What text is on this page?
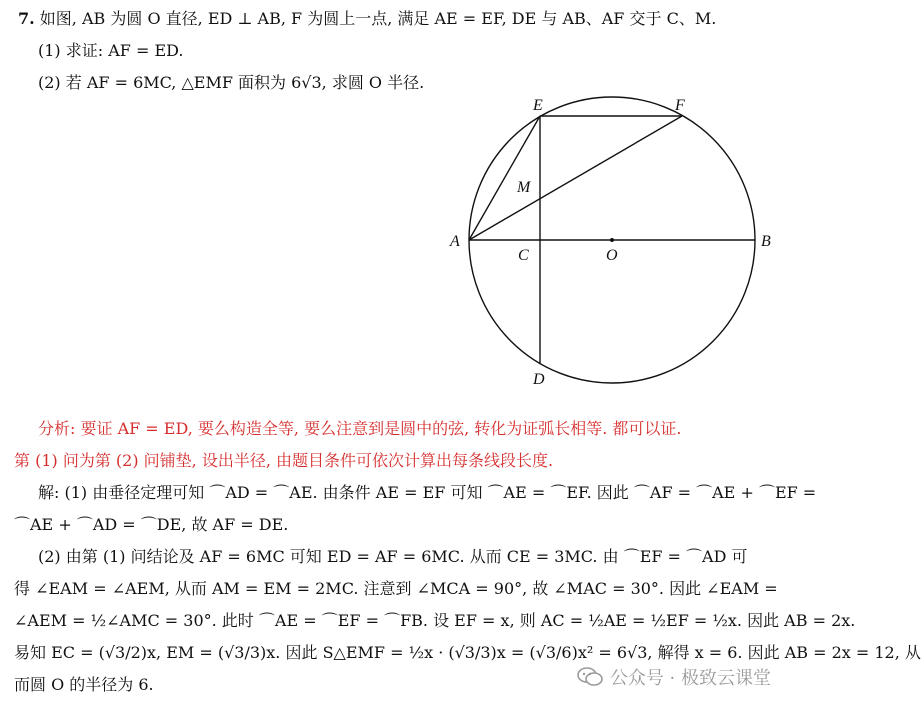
7. 如图, AB 为圆 O 直径, ED ⊥ AB, F 为圆上一点, 满足 AE = EF, DE 与 AB、AF 交于 C、M.
(1) 求证: AF = ED.
(2) 若 AF = 6MC, △EMF 面积为 6√3, 求圆 O 半径.
E	F
M
A	B
C	O
D
分析: 要证 AF = ED, 要么构造全等, 要么注意到是圆中的弦, 转化为证弧长相等. 都可以证.
第 (1) 问为第 (2) 问铺垫, 设出半径, 由题目条件可依次计算出每条线段长度.
解: (1) 由垂径定理可知 ⌒AD = ⌒AE. 由条件 AE = EF 可知 ⌒AE = ⌒EF. 因此 ⌒AF = ⌒AE + ⌒EF =
⌒AE + ⌒AD = ⌒DE, 故 AF = DE.
(2) 由第 (1) 问结论及 AF = 6MC 可知 ED = AF = 6MC. 从而 CE = 3MC. 由 ⌒EF = ⌒AD 可
得 ∠EAM = ∠AEM, 从而 AM = EM = 2MC. 注意到 ∠MCA = 90°, 故 ∠MAC = 30°. 因此 ∠EAM =
∠AEM = ½∠AMC = 30°. 此时 ⌒AE = ⌒EF = ⌒FB. 设 EF = x, 则 AC = ½AE = ½EF = ½x. 因此 AB = 2x.
易知 EC = (√3/2)x, EM = (√3/3)x. 因此 S△EMF = ½x · (√3/3)x = (√3/6)x² = 6√3, 解得 x = 6. 因此 AB = 2x = 12, 从
而圆 O 的半径为 6.	公众号 · 极致云课堂
